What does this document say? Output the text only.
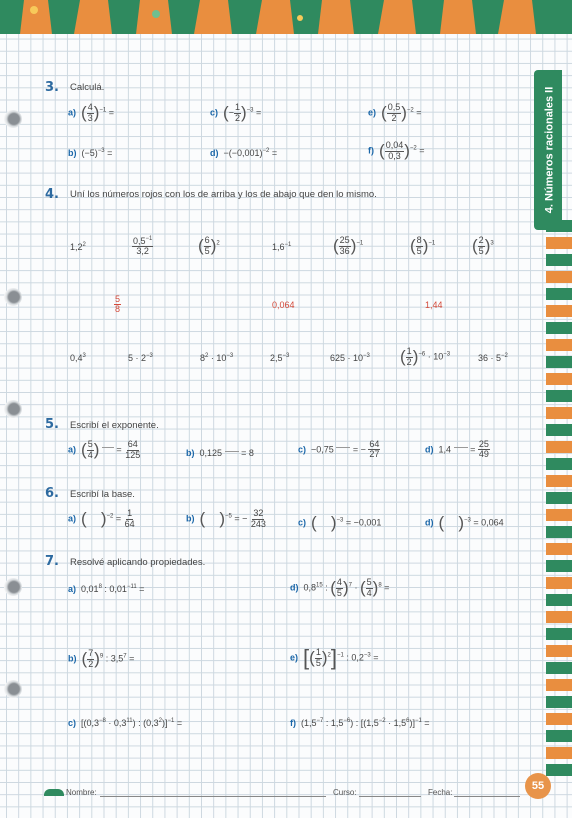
4. Números racionales II
3. Calculá.
a) ( $\frac{4}{3} )^{-1}$ =	c) (− $\frac{1}{2} )^{-3}$ =	e) ( $\frac{0,5}{2} )^{-2}$ =
b) $(-5)^{-3}$ =	$d) -(-0,001)^{-2}$ =	f) ( $\frac{0,04}{0,3} )^{-2}$ =
4. Uní los números rojos con los de arriba y los de abajo que den lo mismo.
$1,2^2$	$\frac{0,5^{-1}}{3,2}$	( $\frac{6}{5} )^2$	$1,6^{-1}$ ( $\frac{25}{36} )^{-1}$	( $\frac{8}{5} )^{-1}$ ( $\frac{2}{5} )^3$
$\frac{5}{8}$	0,064	1,44
$0,4^3$	$5 \cdot 2^{-3}$	$8^2 \cdot 10^{-3}$	$2,5^{-3}$	$625 \cdot 10^{-3}$ ( $\frac{1}{2} )^{-6} \cdot 10^{-3}$	$36 \cdot 5^{-2}$
5. Escribí el exponente.
a) ( $\frac{5}{4}$ ) = $\frac{64}{125}$	b) 0,125 = 8	c) −0,75 = − $\frac{64}{27}$	d) $1,4 = \frac{25}{49}$
6. Escribí la base.
a) (   )$^{-2} = \frac{1}{64}$	b) (   )$^{-5}$ = − $\frac{32}{243}$	c) (   )$^{-3}$ = −0,001	d) (   )$^{-3}$ = 0,064
7. Resolvé aplicando propiedades.
a) 0,01$^8$ : $0,01^{-11}$ =	d) $0,8^{15}$ : ( $\frac{4}{5} )^7$ · ( $\frac{5}{4} )^8$ =
b) ( $\frac{7}{2} )^9$ : $3,5^7$ =	e) [( $\frac{1}{5} )^2]^{-1}$ : $0,2^{-3}$ =
c) [$(0,3^{-8} \cdot 0,3^{11})$ : $(0,3^2)]^{-1}$ =	f) ($1,5^{-7}$ : $1,5^{-6}$) : $[(1,5^{-2} \cdot 1,5^6)]^{-1}$ =
Nombre:	Curso:	Fecha:
55
